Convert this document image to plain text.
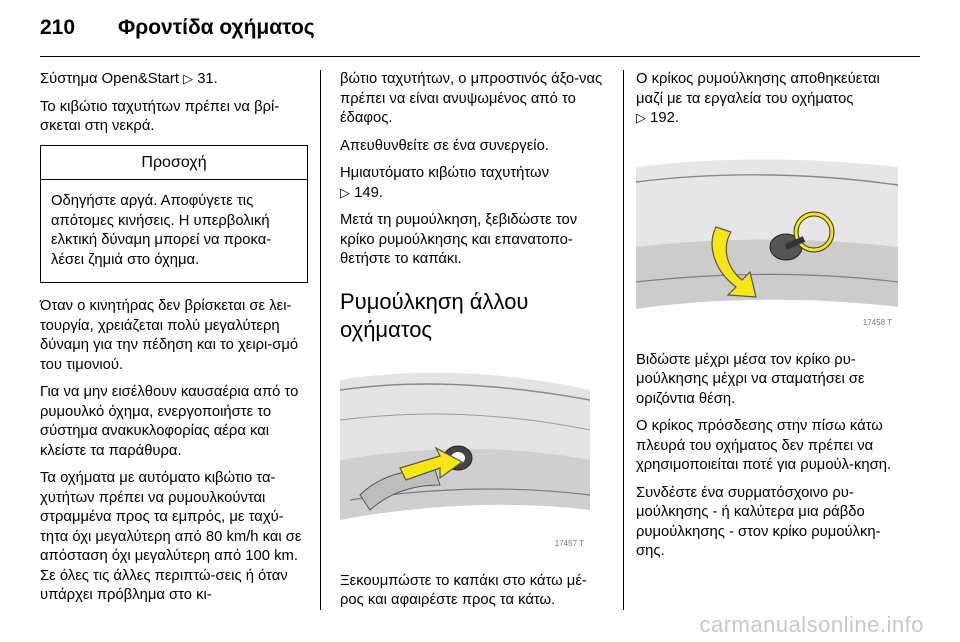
210 Φροντίδα οχήματος

Σύστημα Open&Start ▷ 31.

Το κιβώτιο ταχυτήτων πρέπει να βρί-σκεται στη νεκρά.

Προσοχή
Οδηγήστε αργά. Αποφύγετε τις απότομες κινήσεις. Η υπερβολική ελκτική δύναμη μπορεί να προκα-λέσει ζημιά στο όχημα.

Όταν ο κινητήρας δεν βρίσκεται σε λει-τουργία, χρειάζεται πολύ μεγαλύτερη δύναμη για την πέδηση και το χειρι-σμό του τιμονιού.

Για να μην εισέλθουν καυσαέρια από το ρυμουλκό όχημα, ενεργοποιήστε το σύστημα ανακυκλοφορίας αέρα και κλείστε τα παράθυρα.

Τα οχήματα με αυτόματο κιβώτιο τα-χυτήτων πρέπει να ρυμουλκούνται στραμμένα προς τα εμπρός, με ταχύ-τητα όχι μεγαλύτερη από 80 km/h και σε απόσταση όχι μεγαλύτερη από 100 km. Σε όλες τις άλλες περιπτώ-σεις ή όταν υπάρχει πρόβλημα στο κι-

βώτιο ταχυτήτων, ο μπροστινός άξο-νας πρέπει να είναι ανυψωμένος από το έδαφος.

Απευθυνθείτε σε ένα συνεργείο.

Ημιαυτόματο κιβώτιο ταχυτήτων
▷ 149.

Μετά τη ρυμούλκηση, ξεβιδώστε τον κρίκο ρυμούλκησης και επανατοπο-θετήστε το καπάκι.

Ρυμούλκηση άλλου οχήματος
17457 T

Ξεκουμπώστε το καπάκι στο κάτω μέ-ρος και αφαιρέστε προς τα κάτω.

Ο κρίκος ρυμούλκησης αποθηκεύεται μαζί με τα εργαλεία του οχήματος
▷ 192.

17458 T

Βιδώστε μέχρι μέσα τον κρίκο ρυ-μούλκησης μέχρι να σταματήσει σε οριζόντια θέση.

Ο κρίκος πρόσδεσης στην πίσω κάτω πλευρά του οχήματος δεν πρέπει να χρησιμοποιείται ποτέ για ρυμούλ-κηση.

Συνδέστε ένα συρματόσχοινο ρυ-μούλκησης - ή καλύτερα μια ράβδο ρυμούλκησης - στον κρίκο ρυμούλκη-σης.

carmanualsonline.info
